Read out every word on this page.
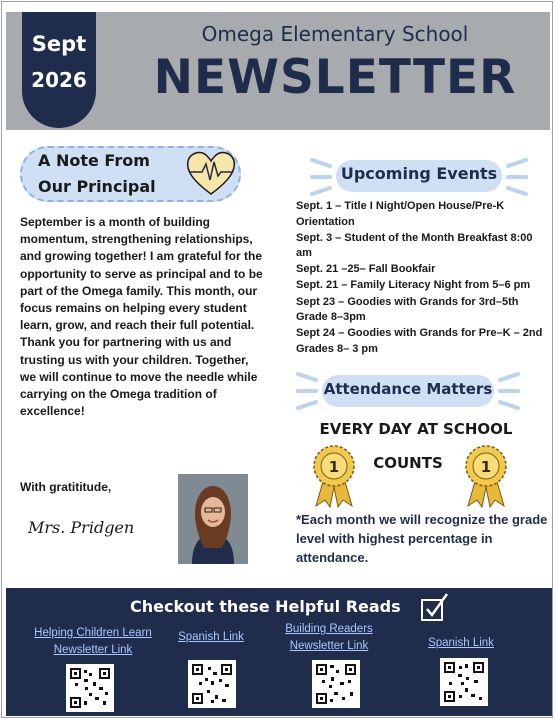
Sept
2026
Omega Elementary School
NEWSLETTER
A Note From Our Principal
September is a month of building momentum, strengthening relationships, and growing together! I am grateful for the opportunity to serve as principal and to be part of the Omega family. This month, our focus remains on helping every student learn, grow, and reach their full potential. Thank you for partnering with us and trusting us with your children. Together, we will continue to move the needle while carrying on the Omega tradition of excellence!
With gratititude,
Mrs. Pridgen
Upcoming Events
Sept. 1 – Title I Night/Open House/Pre-K Orientation
Sept. 3 – Student of the Month Breakfast 8:00 am
Sept. 21 –25– Fall Bookfair
Sept. 21 – Family Literacy Night from 5–6 pm
Sept 23 – Goodies with Grands for 3rd–5th Grade 8–3pm
Sept 24 – Goodies with Grands for Pre–K – 2nd Grades 8– 3 pm
Attendance Matters
EVERY DAY AT SCHOOL
COUNTS
1	1
*Each month we will recognize the grade level with highest percentage in attendance.
Checkout these Helpful Reads
Helping Children Learn Newsletter Link
Spanish Link
Building Readers Newsletter Link	Spanish Link
